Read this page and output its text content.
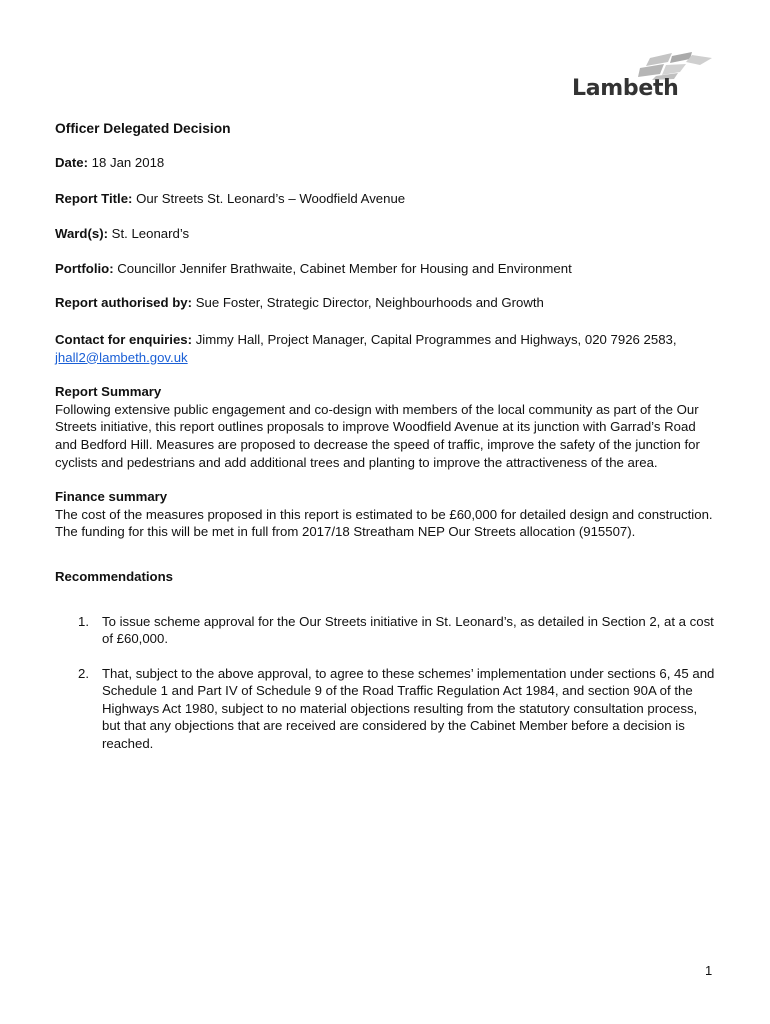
Lambeth

Officer Delegated Decision

Date: 18 Jan 2018

Report Title: Our Streets St. Leonard’s – Woodfield Avenue

Ward(s): St. Leonard’s

Portfolio: Councillor Jennifer Brathwaite, Cabinet Member for Housing and Environment

Report authorised by: Sue Foster, Strategic Director, Neighbourhoods and Growth

Contact for enquiries: Jimmy Hall, Project Manager, Capital Programmes and Highways, 020 7926 2583, jhall2@lambeth.gov.uk

Report Summary

Following extensive public engagement and co-design with members of the local community as part of the Our Streets initiative, this report outlines proposals to improve Woodfield Avenue at its junction with Garrad’s Road and Bedford Hill. Measures are proposed to decrease the speed of traffic, improve the safety of the junction for cyclists and pedestrians and add additional trees and planting to improve the attractiveness of the area.

Finance summary

The cost of the measures proposed in this report is estimated to be £60,000 for detailed design and construction. The funding for this will be met in full from 2017/18 Streatham NEP Our Streets allocation (915507).

Recommendations

1. To issue scheme approval for the Our Streets initiative in St. Leonard’s, as detailed in Section 2, at a cost of £60,000.
2. That, subject to the above approval, to agree to these schemes’ implementation under sections 6, 45 and Schedule 1 and Part IV of Schedule 9 of the Road Traffic Regulation Act 1984, and section 90A of the Highways Act 1980, subject to no material objections resulting from the statutory consultation process, but that any objections that are received are considered by the Cabinet Member before a decision is reached.
1
